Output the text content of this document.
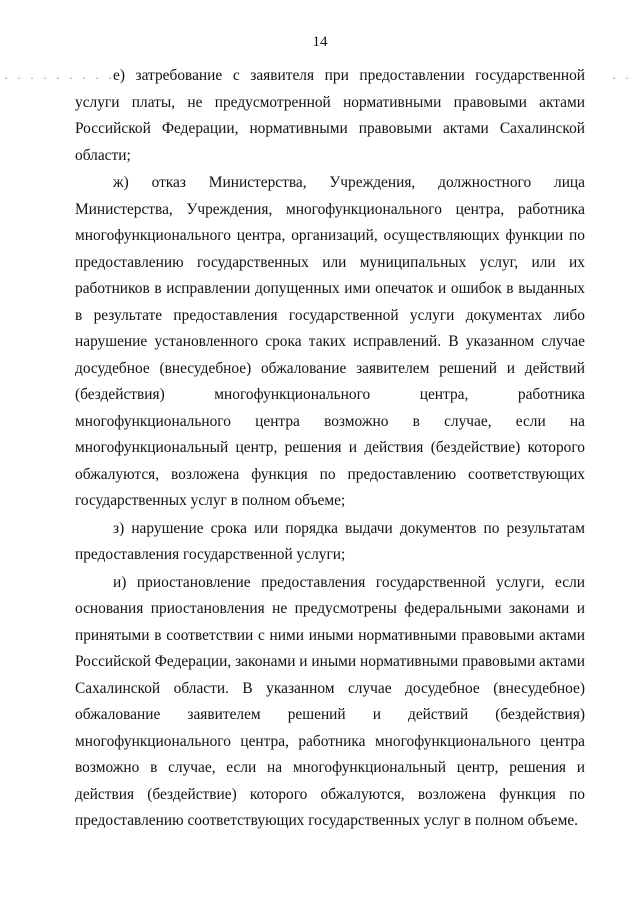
· · · · · · · · ·	· ·
14

е) затребование с заявителя при предоставлении государственной услуги платы, не предусмотренной нормативными правовыми актами Российской Федерации, нормативными правовыми актами Сахалинской области;

ж) отказ Министерства, Учреждения, должностного лица Министерства, Учреждения, многофункционального центра, работника многофункционального центра, организаций, осуществляющих функции по предоставлению государственных или муниципальных услуг, или их работников в исправлении допущенных ими опечаток и ошибок в выданных в результате предоставления государственной услуги документах либо нарушение установленного срока таких исправлений. В указанном случае досудебное (внесудебное) обжалование заявителем решений и действий (бездействия) многофункционального центра, работника многофункционального центра возможно в случае, если на многофункциональный центр, решения и действия (бездействие) которого обжалуются, возложена функция по предоставлению соответствующих государственных услуг в полном объеме;

з) нарушение срока или порядка выдачи документов по результатам предоставления государственной услуги;

и) приостановление предоставления государственной услуги, если основания приостановления не предусмотрены федеральными законами и принятыми в соответствии с ними иными нормативными правовыми актами Российской Федерации, законами и иными нормативными правовыми актами Сахалинской области. В указанном случае досудебное (внесудебное) обжалование заявителем решений и действий (бездействия) многофункционального центра, работника многофункционального центра возможно в случае, если на многофункциональный центр, решения и действия (бездействие) которого обжалуются, возложена функция по предоставлению соответствующих государственных услуг в полном объеме.
